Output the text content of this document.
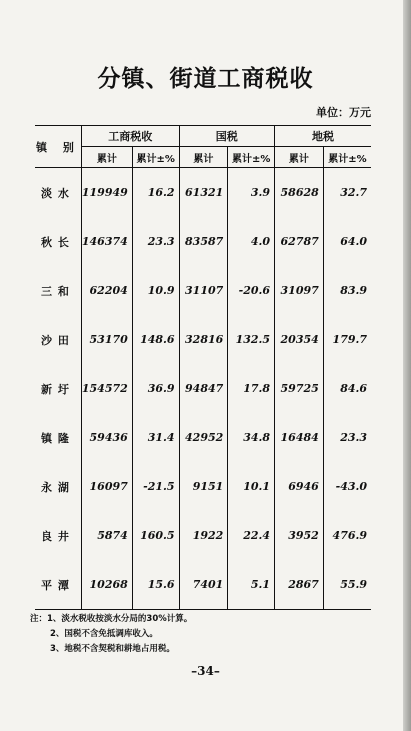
分镇、街道工商税收
单位：万元
镇 别	工商税收		国税		地税	
	累计	累计±%	累计	累计±%	累计	累计±%
淡水	119949	16.2	61321	3.9	58628	32.7
秋长	146374	23.3	83587	4.0	62787	64.0
三和	62204	10.9	31107	-20.6	31097	83.9
沙田	53170	148.6	32816	132.5	20354	179.7
新圩	154572	36.9	94847	17.8	59725	84.6
镇隆	59436	31.4	42952	34.8	16484	23.3
永湖	16097	-21.5	9151	10.1	6946	-43.0
良井	5874	160.5	1922	22.4	3952	476.9
平潭	10268	15.6	7401	5.1	2867	55.9
注：1、淡水税收按淡水分局的30%计算。
2、国税不含免抵调库收入。
3、地税不含契税和耕地占用税。
–34–
